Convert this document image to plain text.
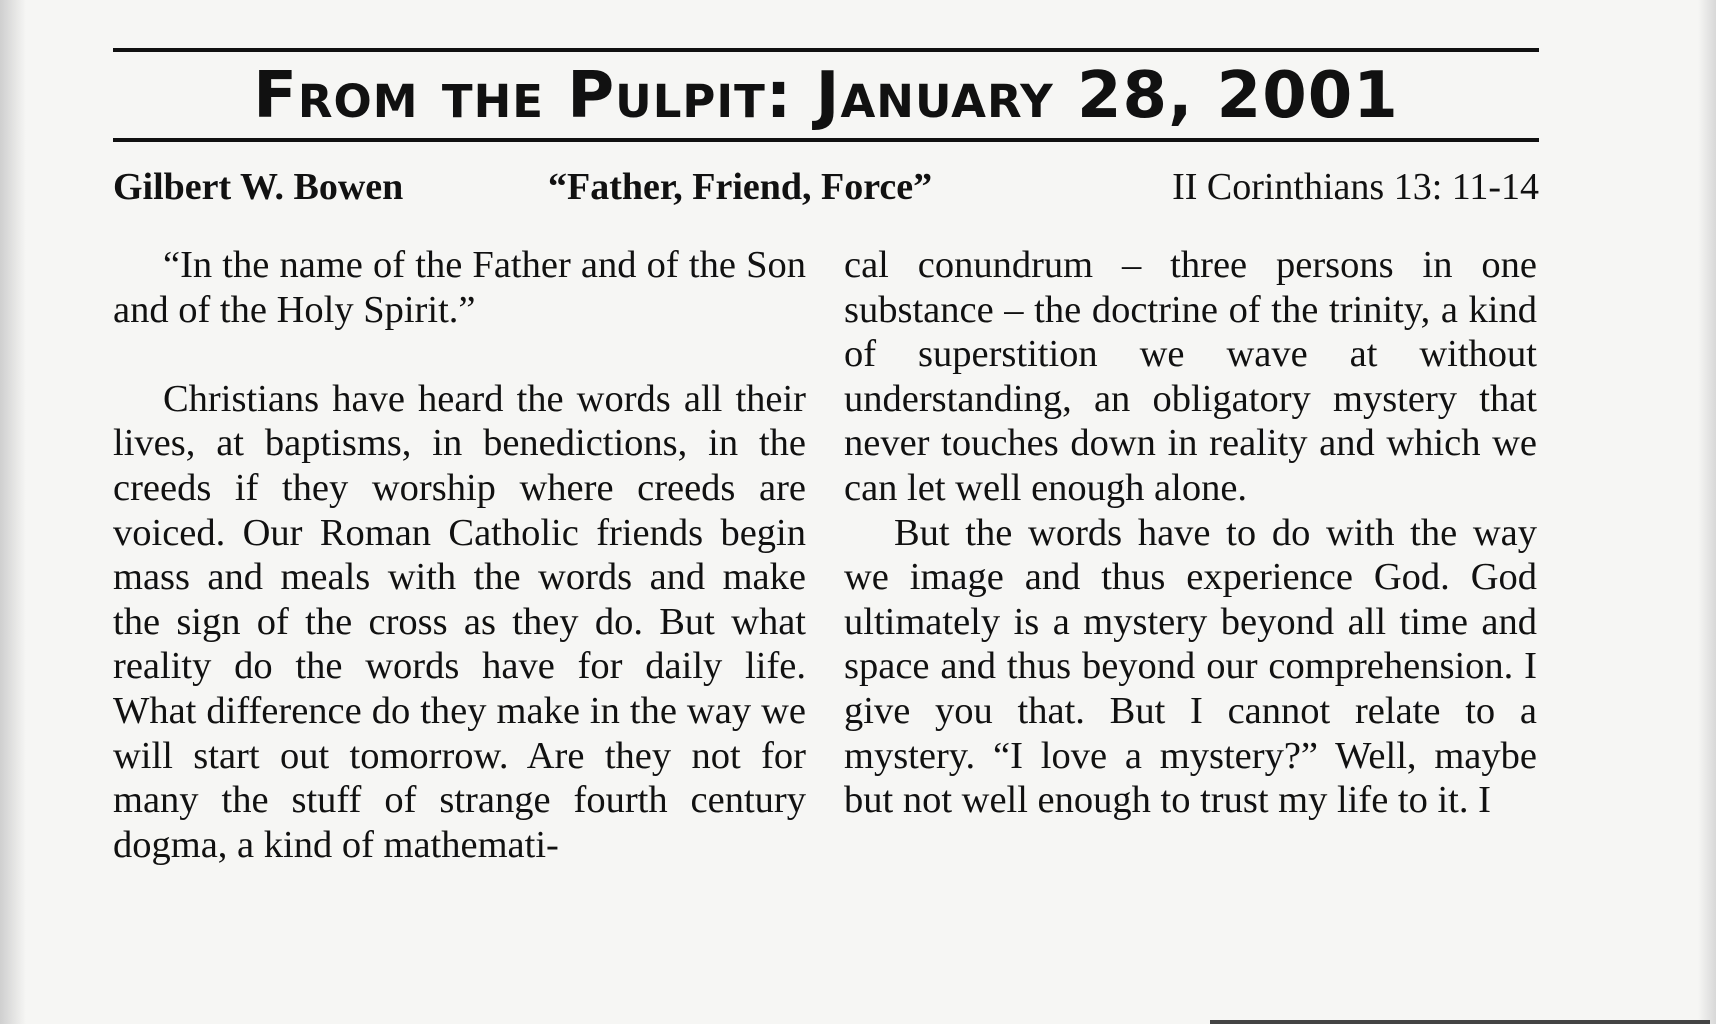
From the Pulpit: January 28, 2001
Gilbert W. Bowen	“Father, Friend, Force”	II Corinthians 13: 11-14

“In the name of the Father and of the Son and of the Holy Spirit.”

Christians have heard the words all their lives, at baptisms, in benedictions, in the creeds if they worship where creeds are voiced. Our Roman Catholic friends begin mass and meals with the words and make the sign of the cross as they do. But what reality do the words have for daily life. What difference do they make in the way we will start out tomorrow. Are they not for many the stuff of strange fourth century dogma, a kind of mathemati-

cal conundrum – three persons in one substance – the doctrine of the trinity, a kind of superstition we wave at without understanding, an obligatory mystery that never touches down in reality and which we can let well enough alone.

But the words have to do with the way we image and thus experience God. God ultimately is a mystery beyond all time and space and thus beyond our comprehension. I give you that. But I cannot relate to a mystery. “I love a mystery?” Well, maybe but not well enough to trust my life to it. I
